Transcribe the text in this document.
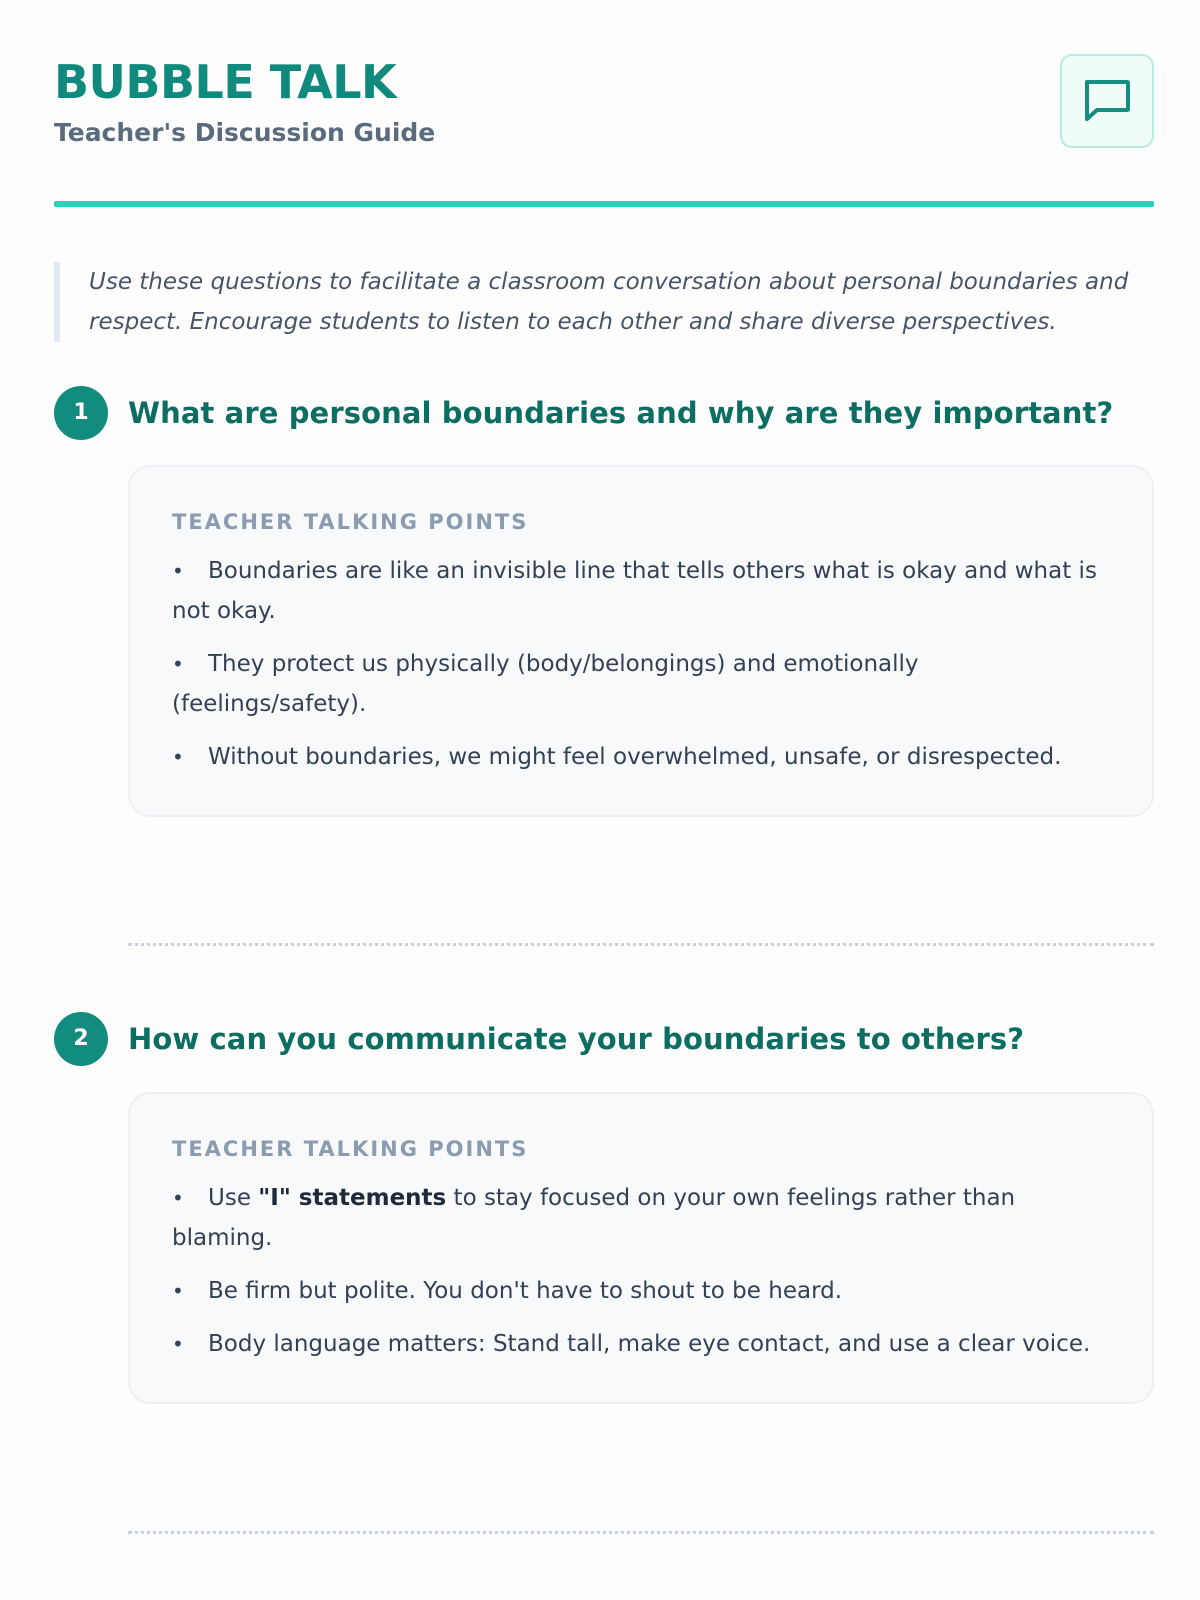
BUBBLE TALK
Teacher's Discussion Guide
Use these questions to facilitate a classroom conversation about personal boundaries and respect. Encourage students to listen to each other and share diverse perspectives.
1	What are personal boundaries and why are they important?
TEACHER TALKING POINTS
• Boundaries are like an invisible line that tells others what is okay and what is not okay.
• They protect us physically (body/belongings) and emotionally (feelings/safety).
• Without boundaries, we might feel overwhelmed, unsafe, or disrespected.
2	How can you communicate your boundaries to others?
TEACHER TALKING POINTS
• Use "I" statements to stay focused on your own feelings rather than blaming.
• Be firm but polite. You don't have to shout to be heard.
• Body language matters: Stand tall, make eye contact, and use a clear voice.
